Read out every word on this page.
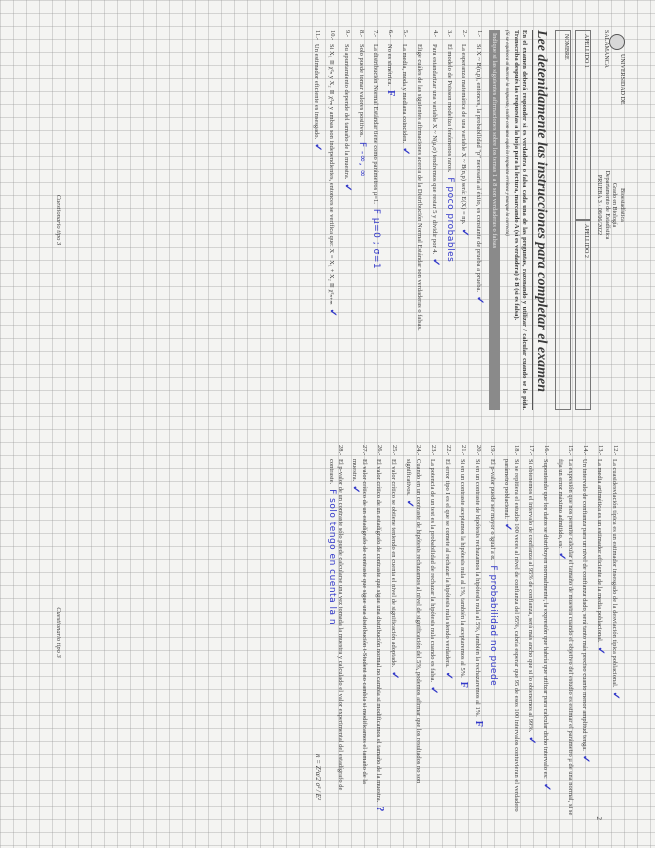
UNIVERSIDAD DE SALAMANCA
Bioestadística
Grado en Biología
Departamento de Estadística
PRUEBA 3 · 08/06/2022
APELLIDO 1
APELLIDO 2
NOMBRE
Lee detenidamente las instrucciones para completar el examen
En el examen deberá responder si es verdadera o falsa cada una de las preguntas, razonando y utilizar / calcular cuando se lo pida. Transcriba después las respuestas a la hoja para la lectura, marcando A (si es verdadera) ó B (si es falsa).
(Si se equivoca al marcar la respuesta, tache con una equis la respuesta errónea y marque la correcta)
Indique si las siguientes afirmaciones sobre los temas 1 a 8 son verdaderas o falsas
1.-
Si X ~ B(n,p), entonces, la probabilidad "p" necesaria al éxito, es constante de prueba a prueba.✓
2.-
La esperanza matemática de una variable X ~ B(n,p) será: E(X) = np.✓
3.-
El modelo de Poisson modeliza fenómenos raros.F poco probables
4.-
Para estandarizar una variable X ~ N(μ,σ) tendremos que restar 5 y dividir por 4.✓
Elige cuáles de las siguientes afirmaciones acerca de la Distribución Normal Estándar son verdaderas o falsas.
5.-
La media, moda y mediana coinciden.✓
6.-
No es simétrica.F
7.-
La distribución Normal Estándar tiene como parámetros μ=1.F μ=0 ; σ=1
8.-
Solo puede tomar valores positivos.F -∞, ∞
9.-
Su apuntamiento depende del tamaño de la muestra.✓
10.-
Si X₁ ≅ χ²ₙ y X₂ ≅ χ²ₘ y ambas son independientes, entonces se verifica que: X = X₁ + X₂ ≅ χ²ₙ₊ₘ✓
11.-
Un estimador eficiente es insesgado.✓
Cuestionario tipo 3
2
12.-
La cuasidesviación típica es un estimador insesgado de la desviación típica poblacional.✓
13.-
La media aritmética es un estimador eficiente de la media poblacional.✓
14.-
Un intervalo de confianza para un nivel de confianza dado, será tanto más preciso cuanto menor amplitud tenga.✓
15.-
La expresión que nos permite calcular el tamaño de muestra cuando el objetivo del estudio es estimar el parámetro μ de una normal, si se fija un error máximo admitido, es:✓
16.-
Suponiendo que los datos se distribuyen normalmente, la expresión que habría que utilizar para calcular dicho intervalo es:✓
17.-
Si obtenemos el intervalo de confianza al 95% de confianza, será más ancho que si lo obtenemos al 99%.✓
18.-
Si se repitiera el estudio 100 veces al nivel de confianza del 95%, cabría esperar que 95 de esos 100 intervalos contuvieran el verdadero parámetro poblacional.✓
19.-
El p-valor puede ser mayor o igual a α.F probabilidad no puede
20.-
Si en un contraste de hipótesis rechazamos la hipótesis nula al 5%, también la rechazaremos al 1%.F
21.-
Si en un contraste aceptamos la hipótesis nula al 1%, también la aceptaremos al 5%.F
22.-
El error tipo I es el que se comete al rechazar la hipótesis nula siendo verdadera.✓
23.-
La potencia de un test es la probabilidad de rechazar la hipótesis nula cuando es falsa.✓
24.-
Cuando en un contraste de hipótesis rechazamos al nivel de significación del 5%, podemos afirmar que los resultados no son significativos.✓
25.-
El valor crítico se obtiene teniendo en cuenta el nivel de significación adoptado.✓
26.-
El valor crítico de un estadígrafo de contraste que sigue una distribución normal no cambia si modificamos el tamaño de la muestra.?
27.-
El valor crítico de un estadígrafo de contraste que sigue una distribución t-Student no cambia si modificamos el tamaño de la muestra.✓
28.-
El p-valor de un contraste sólo puede calcularse una vez tomada la muestra y calculado el valor experimental del estadígrafo de contraste.F solo tengo en cuenta la n
n = Z²α/2 σ² / E²
Cuestionario tipo 3
